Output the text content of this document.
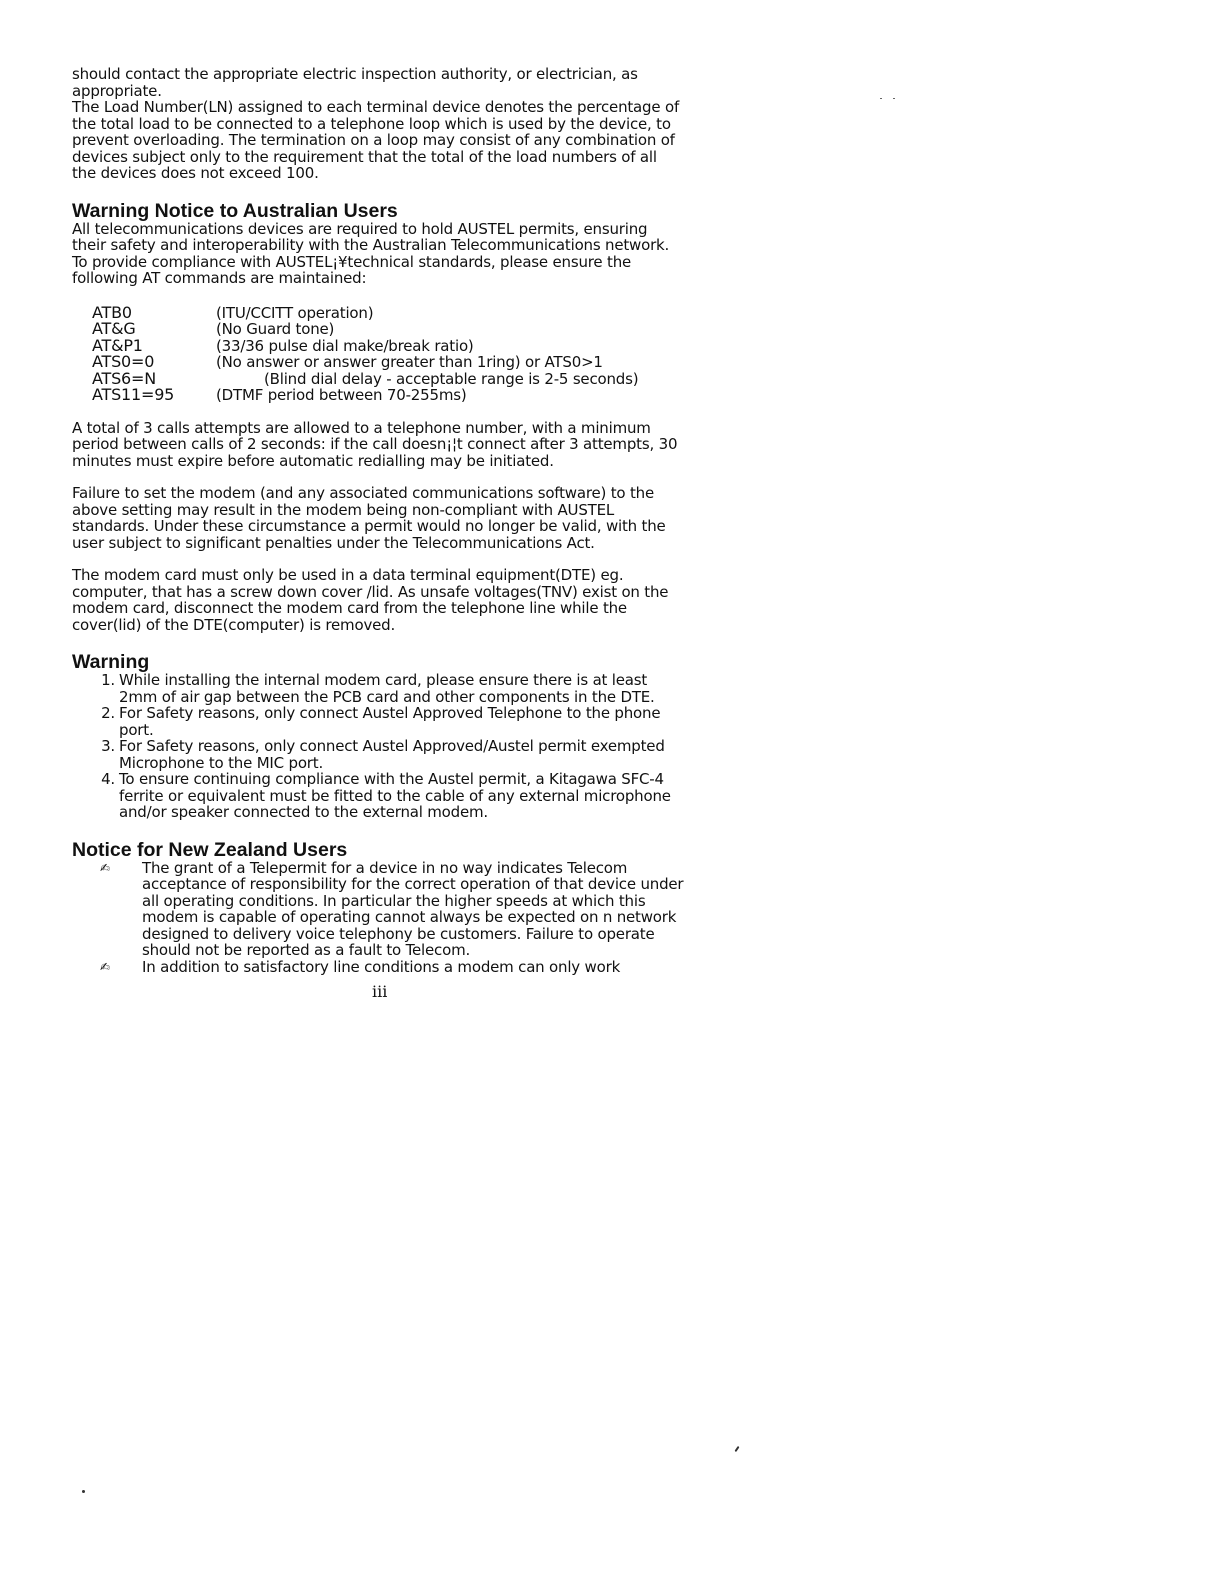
should contact the appropriate electric inspection authority, or electrician, as appropriate.

The Load Number(LN) assigned to each terminal device denotes the percentage of the total load to be connected to a telephone loop which is used by the device, to prevent overloading. The termination on a loop may consist of any combination of devices subject only to the requirement that the total of the load numbers of all the devices does not exceed 100.

Warning Notice to Australian Users

All telecommunications devices are required to hold AUSTEL permits, ensuring their safety and interoperability with the Australian Telecommunications network. To provide compliance with AUSTEL¡¥technical standards, please ensure the following AT commands are maintained:

ATB0	(ITU/CCITT operation)
AT&G	(No Guard tone)
AT&P1	(33/36 pulse dial make/break ratio)
ATS0=0	(No answer or answer greater than 1ring) or ATS0>1
ATS6=N	(Blind dial delay - acceptable range is 2-5 seconds)
ATS11=95	(DTMF period between 70-255ms)

A total of 3 calls attempts are allowed to a telephone number, with a minimum period between calls of 2 seconds: if the call doesn¡¦t connect after 3 attempts, 30 minutes must expire before automatic redialling may be initiated.

Failure to set the modem (and any associated communications software) to the above setting may result in the modem being non-compliant with AUSTEL standards. Under these circumstance a permit would no longer be valid, with the user subject to significant penalties under the Telecommunications Act.

The modem card must only be used in a data terminal equipment(DTE) eg. computer, that has a screw down cover /lid. As unsafe voltages(TNV) exist on the modem card, disconnect the modem card from the telephone line while the cover(lid) of the DTE(computer) is removed.

Warning
1. While installing the internal modem card, please ensure there is at least 2mm of air gap between the PCB card and other components in the DTE.
2. For Safety reasons, only connect Austel Approved Telephone to the phone port.
3. For Safety reasons, only connect Austel Approved/Austel permit exempted Microphone to the MIC port.
4. To ensure continuing compliance with the Austel permit, a Kitagawa SFC-4 ferrite or equivalent must be fitted to the cable of any external microphone and/or speaker connected to the external modem.
Notice for New Zealand Users
✍	The grant of a Telepermit for a device in no way indicates Telecom acceptance of responsibility for the correct operation of that device under all operating conditions. In particular the higher speeds at which this modem is capable of operating cannot always be expected on n network designed to delivery voice telephony be customers. Failure to operate should not be reported as a fault to Telecom.
✍	In addition to satisfactory line conditions a modem can only work
iii
